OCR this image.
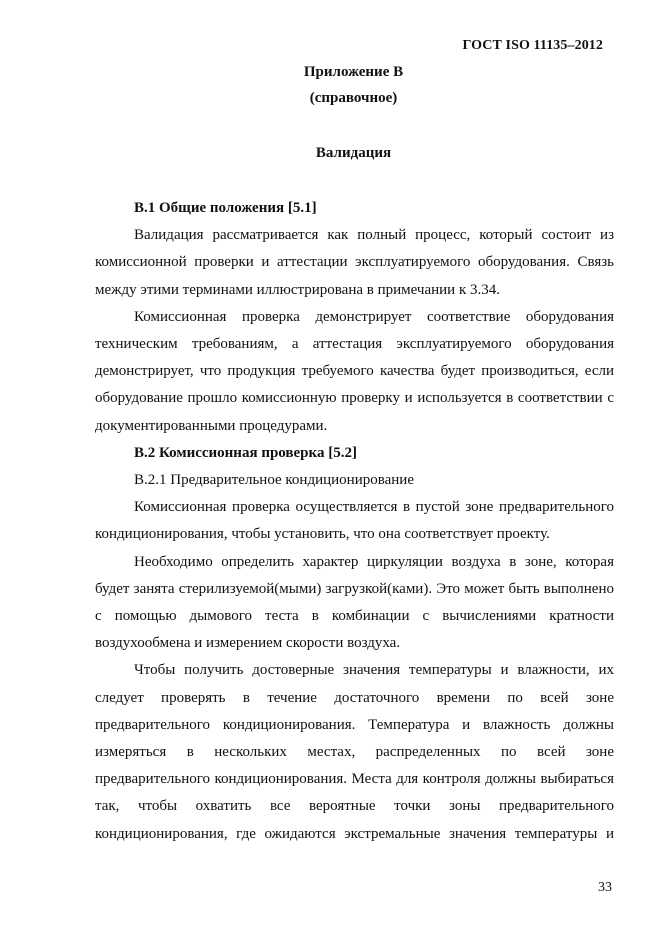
ГОСТ ISO 11135–2012
Приложение В
(справочное)
Валидация

В.1 Общие положения [5.1]

Валидация рассматривается как полный процесс, который состоит из комиссионной проверки и аттестации эксплуатируемого оборудования. Связь между этими терминами иллюстрирована в примечании к 3.34.

Комиссионная проверка демонстрирует соответствие оборудования техническим требованиям, а аттестация эксплуатируемого оборудования демонстрирует, что продукция требуемого качества будет производиться, если оборудование прошло комиссионную проверку и используется в соответствии с документированными процедурами.

В.2 Комиссионная проверка [5.2]

В.2.1 Предварительное кондиционирование

Комиссионная проверка осуществляется в пустой зоне предварительного кондиционирования, чтобы установить, что она соответствует проекту.

Необходимо определить характер циркуляции воздуха в зоне, которая будет занята стерилизуемой(мыми) загрузкой(ками). Это может быть выполнено с помощью дымового теста в комбинации с вычислениями кратности воздухообмена и измерением скорости воздуха.

Чтобы получить достоверные значения температуры и влажности, их следует проверять в течение достаточного времени по всей зоне предварительного кондиционирования. Температура и влажность должны измеряться в нескольких местах, распределенных по всей зоне предварительного кондиционирования. Места для контроля должны выбираться так, чтобы охватить все вероятные точки зоны предварительного кондиционирования, где ожидаются экстремальные значения температуры и

33
